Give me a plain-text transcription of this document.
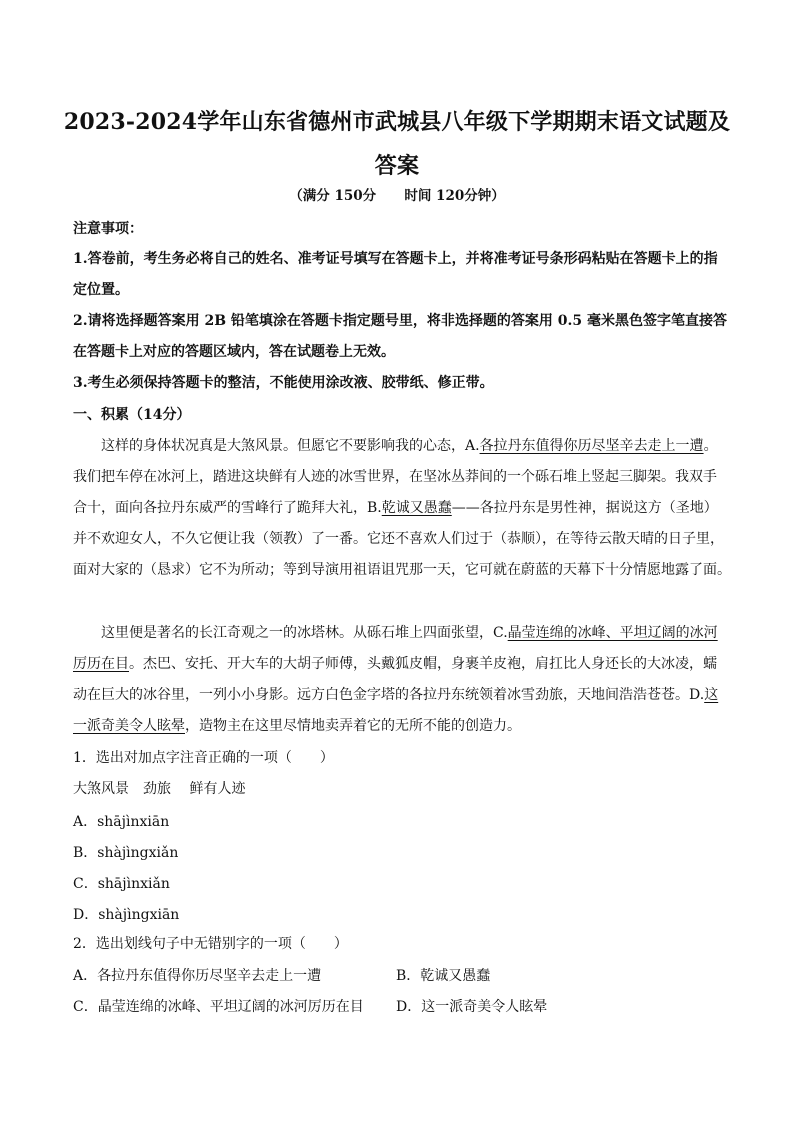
2023-2024学年山东省德州市武城县八年级下学期期末语文试题及答案
（满分 150分      时间 120分钟）
注意事项：
1.答卷前，考生务必将自己的姓名、准考证号填写在答题卡上，并将准考证号条形码粘贴在答题卡上的指
定位置。
2.请将选择题答案用 2B 铅笔填涂在答题卡指定题号里，将非选择题的答案用 0.5 毫米黑色签字笔直接答
在答题卡上对应的答题区域内，答在试题卷上无效。
3.考生必须保持答题卡的整洁，不能使用涂改液、胶带纸、修正带。
一、积累（14分）
这样的身体状况真是大煞风景。但愿它不要影响我的心态，A.各拉丹东值得你历尽坚辛去走上一遭。
我们把车停在冰河上，踏进这块鲜有人迹的冰雪世界，在坚冰丛莽间的一个砾石堆上竖起三脚架。我双手
合十，面向各拉丹东威严的雪峰行了跪拜大礼，B.乾诚又愚蠢——各拉丹东是男性神，据说这方（圣地）
并不欢迎女人，不久它便让我（领教）了一番。它还不喜欢人们过于（恭顺），在等待云散天晴的日子里，
面对大家的（恳求）它不为所动；等到导演用祖语诅咒那一天，它可就在蔚蓝的天幕下十分情愿地露了面。
这里便是著名的长江奇观之一的冰塔林。从砾石堆上四面张望，C.晶莹连绵的冰峰、平坦辽阔的冰河
厉历在目。杰巴、安托、开大车的大胡子师傅，头戴狐皮帽，身裹羊皮袍，肩扛比人身还长的大冰凌，蠕
动在巨大的冰谷里，一列小小身影。远方白色金字塔的各拉丹东统领着冰雪劲旅，天地间浩浩苍苍。D.这
一派奇美令人眩晕，造物主在这里尽情地卖弄着它的无所不能的创造力。
1．选出对加点字注音正确的一项（　　）
大煞风景　劲旅　 鲜有人迹
A．shājìnxiān
B．shàjìngxiǎn
C．shājìnxiǎn
D．shàjìngxiān
2．选出划线句子中无错别字的一项（　　）
A．各拉丹东值得你历尽坚辛去走上一遭	B．乾诚又愚蠢
C．晶莹连绵的冰峰、平坦辽阔的冰河厉历在目 D．这一派奇美令人眩晕
